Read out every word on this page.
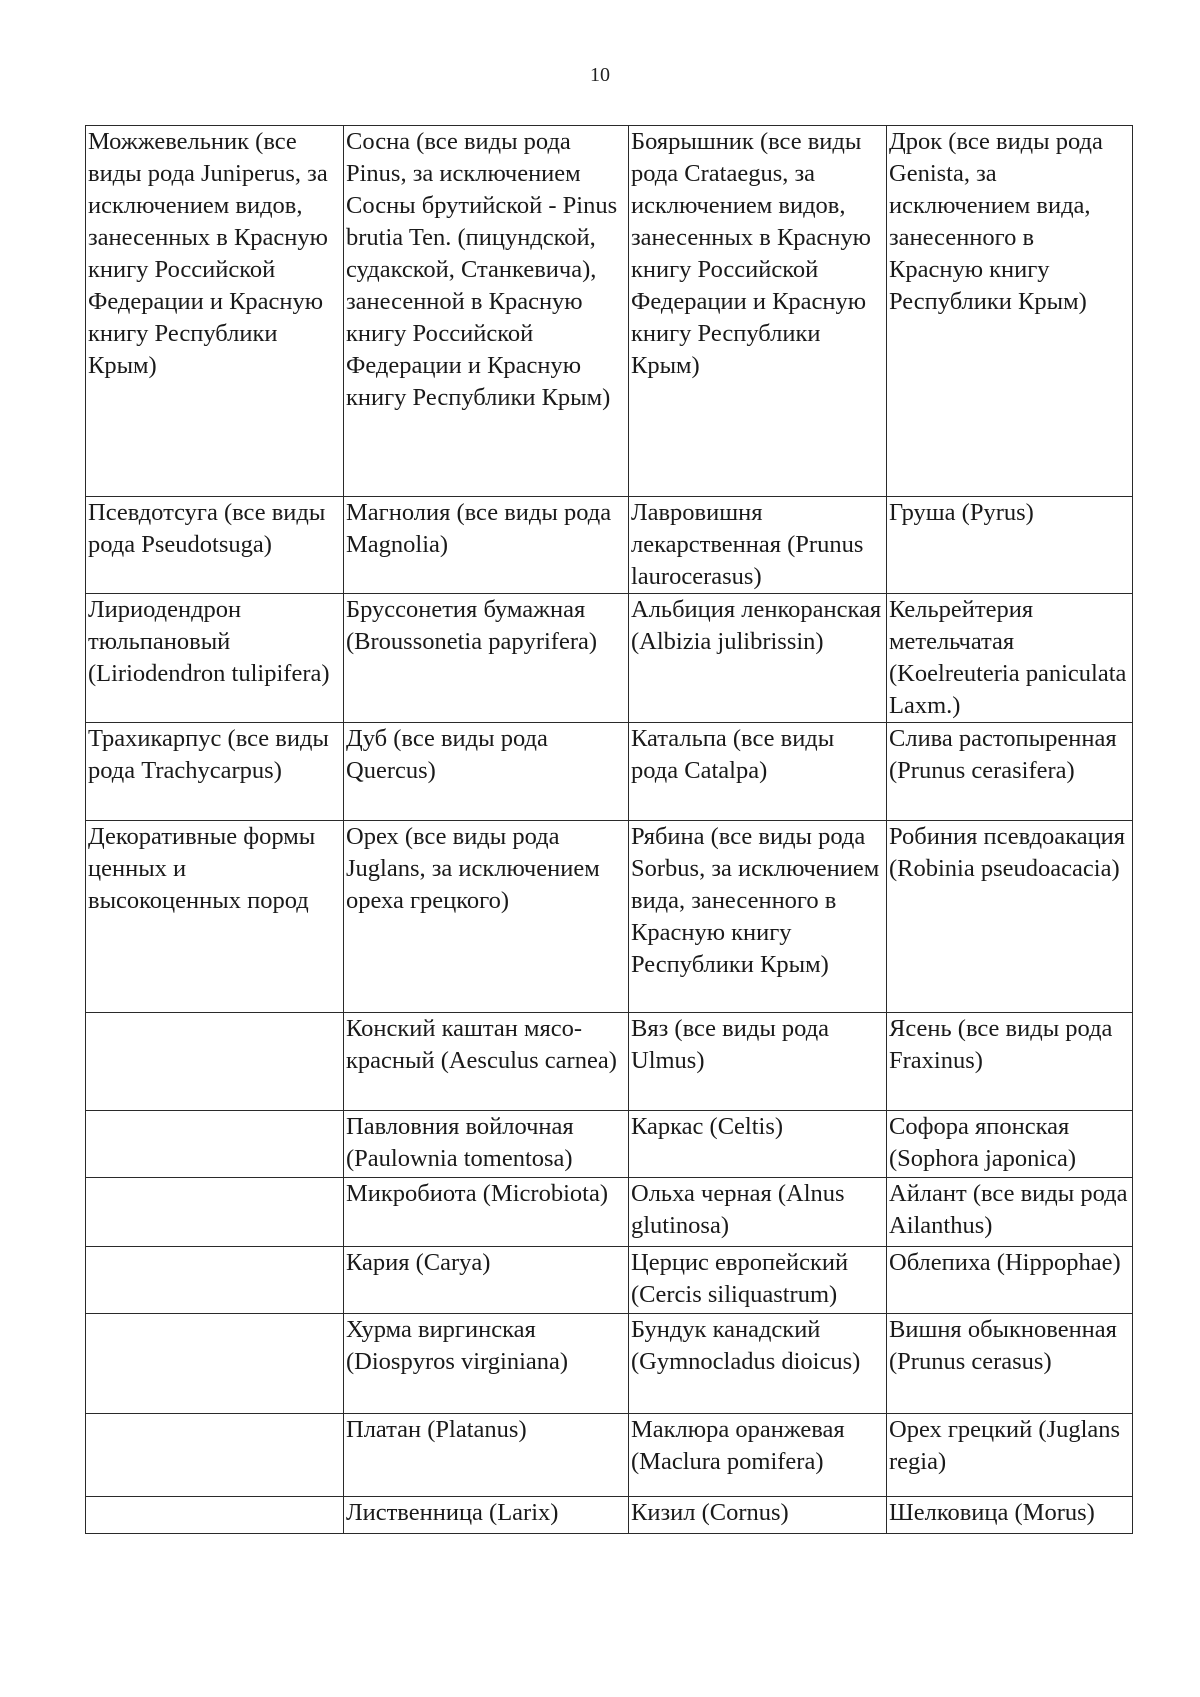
10
Можжевельник (все виды рода Juniperus, за исключением видов, занесенных в Красную книгу Российской Федерации и Красную книгу Республики Крым)	Сосна (все виды рода Pinus, за исключением Сосны брутийской - Pinus brutia Ten. (пицундской, судакской, Станкевича), занесенной в Красную книгу Российской Федерации и Красную книгу Республики Крым)	Боярышник (все виды рода Crataegus, за исключением видов, занесенных в Красную книгу Российской Федерации и Красную книгу Республики Крым)	Дрок (все виды рода Genista, за исключением вида, занесенного в Красную книгу Республики Крым)
Псевдотсуга (все виды рода Pseudotsuga)	Магнолия (все виды рода Magnolia)	Лавровишня лекарственная (Prunus laurocerasus)	Груша (Pyrus)
Лириодендрон тюльпановый (Liriodendron tulipifera)	Бруссонетия бумажная (Broussonetia papyrifera)	Альбиция ленкоранская (Albizia julibrissin)	Кельрейтерия метельчатая (Koelreuteria paniculata Laxm.)
Трахикарпус (все виды рода Trachycarpus)	Дуб (все виды рода Quercus)	Катальпа (все виды рода Catalpa)	Слива растопыренная (Prunus cerasifera)
Декоративные формы ценных и высокоценных пород	Орех (все виды рода Juglans, за исключением ореха грецкого)	Рябина (все виды рода Sorbus, за исключением вида, занесенного в Красную книгу Республики Крым)	Робиния псевдоакация (Robinia pseudoacacia)
	Конский каштан мясо-красный (Aesculus carnea)	Вяз (все виды рода Ulmus)	Ясень (все виды рода Fraxinus)
	Павловния войлочная (Paulownia tomentosa)	Каркас (Celtis)	Софора японская (Sophora japonica)
	Микробиота (Microbiota)	Ольха черная (Alnus glutinosa)	Айлант (все виды рода Ailanthus)
	Кария (Carya)	Церцис европейский (Cercis siliquastrum)	Облепиха (Hippophae)
	Хурма виргинская (Diospyros virginiana)	Бундук канадский (Gymnocladus dioicus)	Вишня обыкновенная (Prunus cerasus)
	Платан (Platanus)	Маклюра оранжевая (Maclura pomifera)	Орех грецкий (Juglans regia)
	Лиственница (Larix)	Кизил (Cornus)	Шелковица (Morus)
